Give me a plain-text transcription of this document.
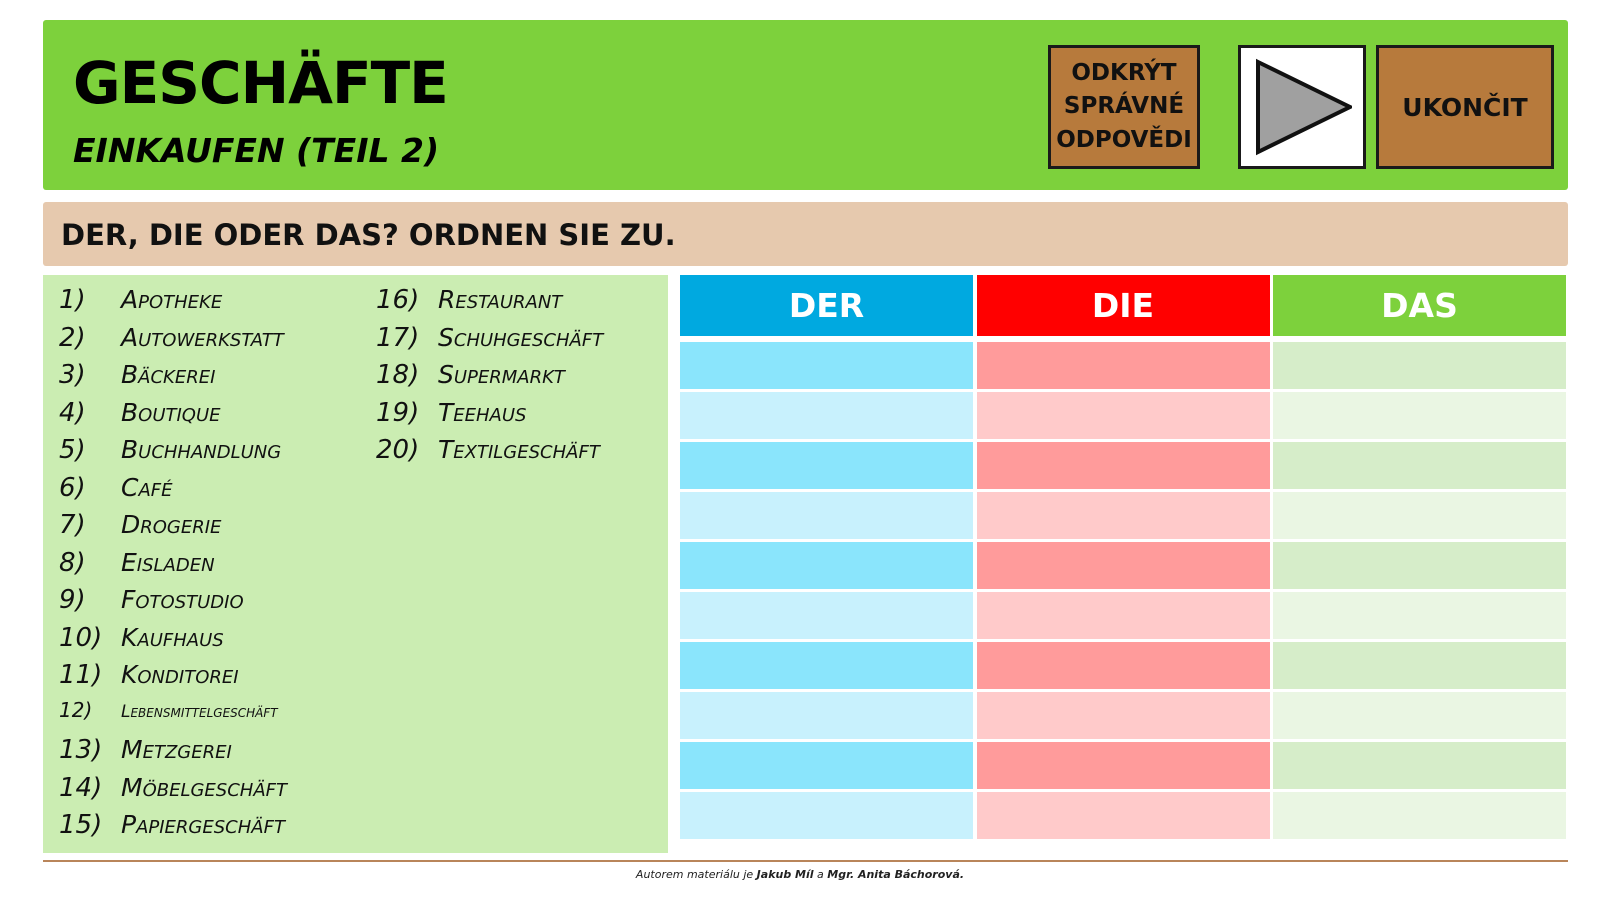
GESCHÄFTE
EINKAUFEN (TEIL 2)
ODKRÝT
SPRÁVNÉ
ODPOVĚDI
UKONČIT
DER, DIE ODER DAS? ORDNEN SIE ZU.
1)	Apotheke
2)	Autowerkstatt
3)	Bäckerei
4)	Boutique
5)	Buchhandlung
6)	Café
7)	Drogerie
8)	Eisladen
9)	Fotostudio
10) Kaufhaus
11) Konditorei
12)	Lebensmittelgeschäft
13) Metzgerei
14) Möbelgeschäft
15) Papiergeschäft
16) Restaurant
17) Schuhgeschäft
18) Supermarkt
19) Teehaus
20) Textilgeschäft
DER	DIE	DAS
Autorem materiálu je Jakub Míl a Mgr. Anita Báchorová.
